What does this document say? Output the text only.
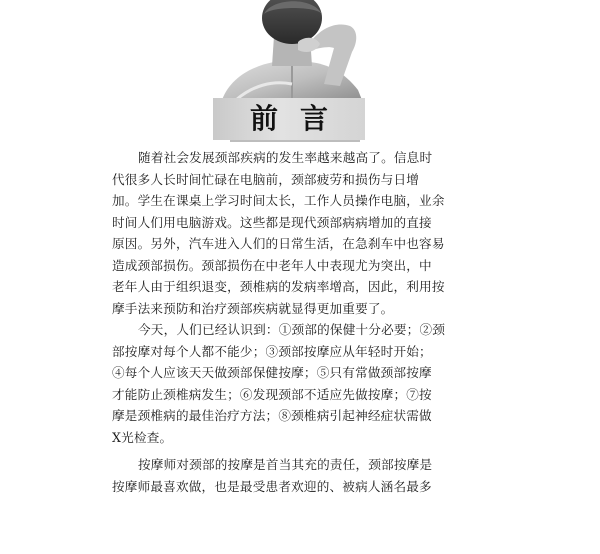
前言

随着社会发展颈部疾病的发生率越来越高了。信息时
代很多人长时间忙碌在电脑前，颈部疲劳和损伤与日增
加。学生在课桌上学习时间太长，工作人员操作电脑，业余
时间人们用电脑游戏。这些都是现代颈部病病增加的直接
原因。另外，汽车进入人们的日常生活，在急刹车中也容易
造成颈部损伤。颈部损伤在中老年人中表现尤为突出，中
老年人由于组织退变，颈椎病的发病率增高，因此，利用按
摩手法来预防和治疗颈部疾病就显得更加重要了。

今天，人们已经认识到：①颈部的保健十分必要；②颈
部按摩对每个人都不能少；③颈部按摩应从年轻时开始；
④每个人应该天天做颈部保健按摩；⑤只有常做颈部按摩
才能防止颈椎病发生；⑥发现颈部不适应先做按摩；⑦按
摩是颈椎病的最佳治疗方法；⑧颈椎病引起神经症状需做
X光检查。

按摩师对颈部的按摩是首当其充的责任，颈部按摩是
按摩师最喜欢做，也是最受患者欢迎的、被病人涵名最多
